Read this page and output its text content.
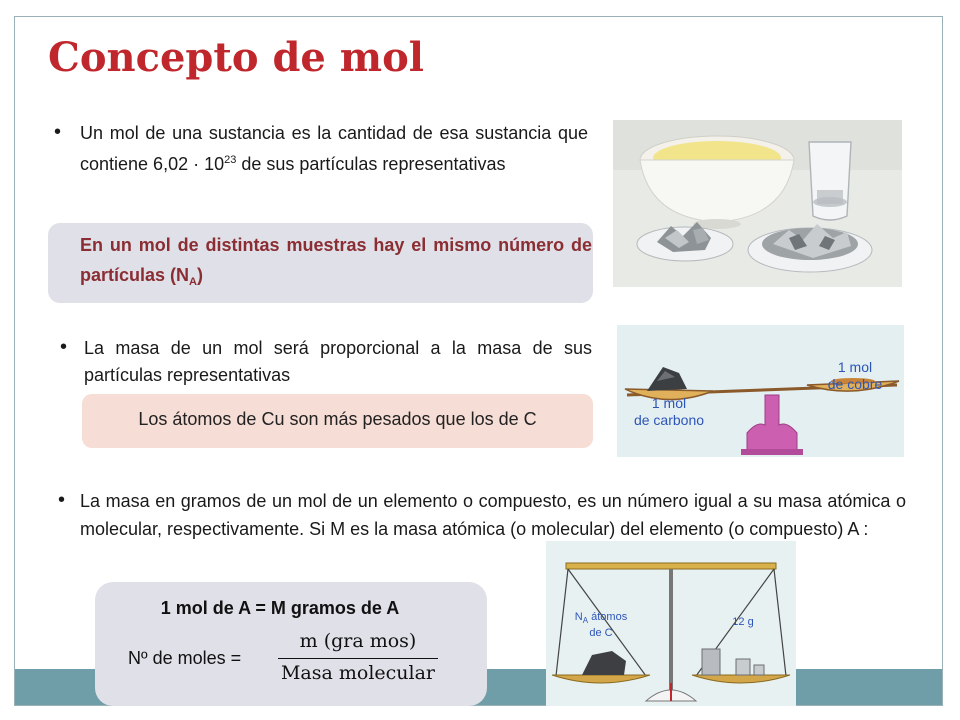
Concepto de mol
• Un mol de una sustancia es la cantidad de esa sustancia que contiene $6,02 \cdot 10^{23}$ de sus partículas representativas
En un mol de distintas muestras hay el mismo número de partículas $(N_A)$
• La masa de un mol será proporcional a la masa de sus partículas representativas
Los átomos de Cu son más pesados que los de C
1 mol
de carbono
1 mol
de cobre
• La masa en gramos de un mol de un elemento o compuesto, es un número igual a su masa atómica o molecular, respectivamente. Si M es la masa atómica (o molecular) del elemento (o compuesto) A :
1 mol de A = M gramos de A
Nº de moles =
m (gra mos)
Masa molecular
$N_A$ átomos
de C
12 g
